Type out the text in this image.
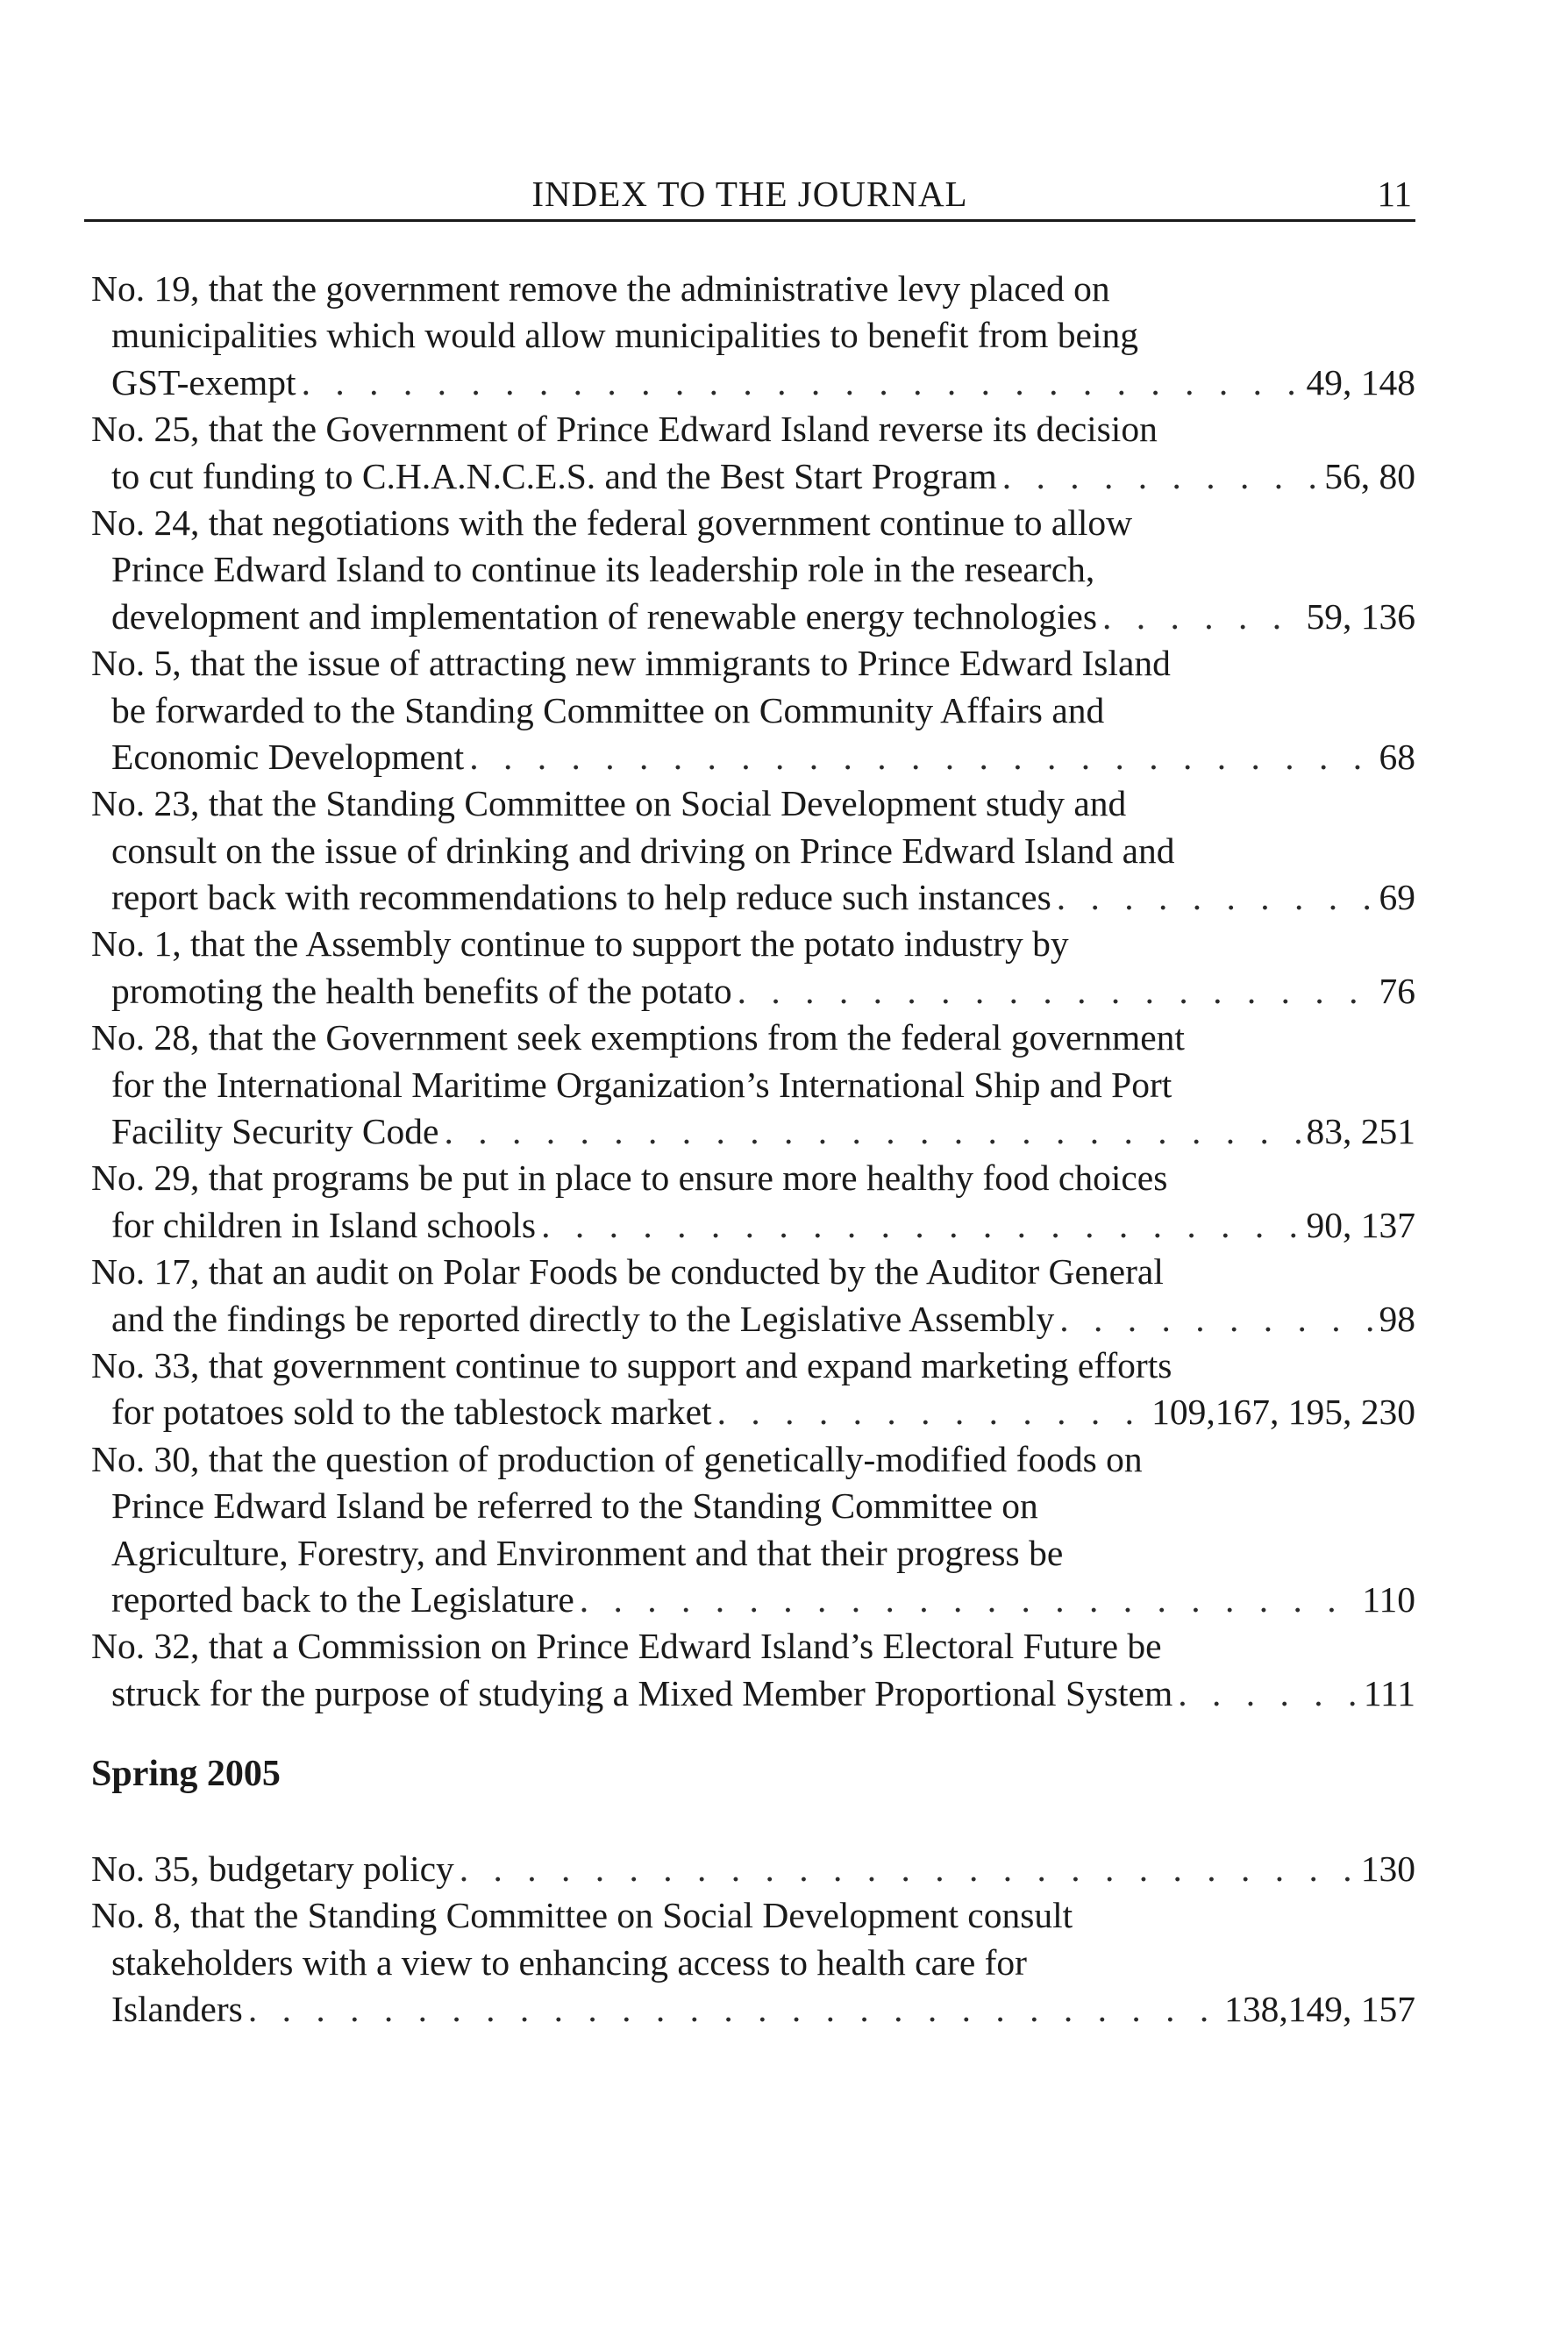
INDEX TO THE JOURNAL	11
No. 19, that the government remove the administrative levy placed on
municipalities which would allow municipalities to benefit from being
GST-exempt . . .	49, 148
No. 25, that the Government of Prince Edward Island reverse its decision
to cut funding to C.H.A.N.C.E.S. and the Best Start Program . . .	56, 80
No. 24, that negotiations with the federal government continue to allow
Prince Edward Island to continue its leadership role in the research,
development and implementation of renewable energy technologies . . .	59, 136
No. 5, that the issue of attracting new immigrants to Prince Edward Island
be forwarded to the Standing Committee on Community Affairs and
Economic Development . . .	68
No. 23, that the Standing Committee on Social Development study and
consult on the issue of drinking and driving on Prince Edward Island and
report back with recommendations to help reduce such instances . . .	69
No. 1, that the Assembly continue to support the potato industry by
promoting the health benefits of the potato . . .	76
No. 28, that the Government seek exemptions from the federal government
for the International Maritime Organization’s International Ship and Port
Facility Security Code . . .	83, 251
No. 29, that programs be put in place to ensure more healthy food choices
for children in Island schools . . .	90, 137
No. 17, that an audit on Polar Foods be conducted by the Auditor General
and the findings be reported directly to the Legislative Assembly . . .	98
No. 33, that government continue to support and expand marketing efforts
for potatoes sold to the tablestock market . . .	109,167, 195, 230
No. 30, that the question of production of genetically-modified foods on
Prince Edward Island be referred to the Standing Committee on
Agriculture, Forestry, and Environment and that their progress be
reported back to the Legislature . . .	110
No. 32, that a Commission on Prince Edward Island’s Electoral Future be
struck for the purpose of studying a Mixed Member Proportional System . . .	111
Spring 2005
No. 35, budgetary policy . . .	130
No. 8, that the Standing Committee on Social Development consult
stakeholders with a view to enhancing access to health care for
Islanders . . .	138,149, 157
